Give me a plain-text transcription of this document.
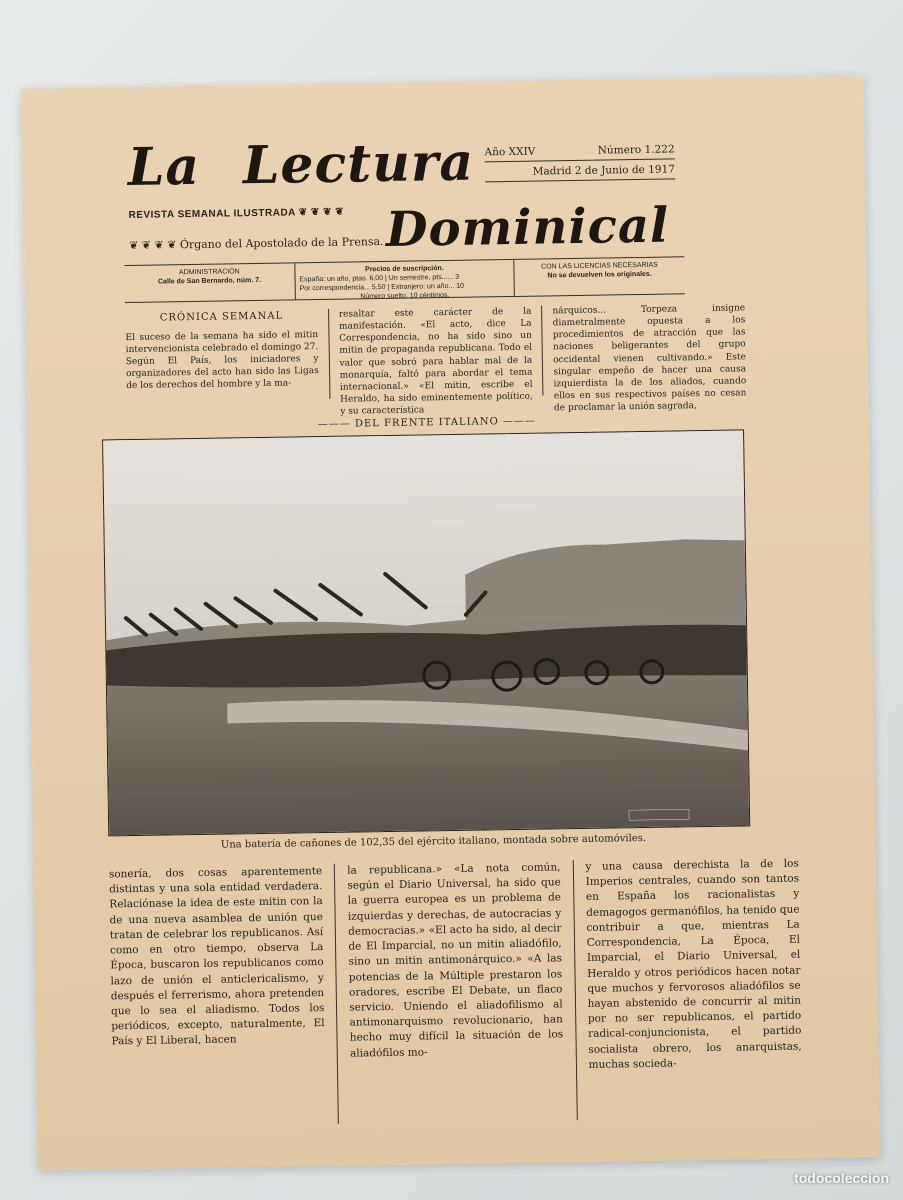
La Lectura
REVISTA SEMANAL ILUSTRADA ❦ ❦ ❦ ❦
❦ ❦ ❦ ❦ Órgano del Apostolado de la Prensa. Dominical
Año XXIV	Número 1.222
Madrid 2 de Junio de 1917
ADMINISTRACIÓN
Calle de San Bernardo, núm. 7.
Precios de suscripción.
España: un año, ptas. 6,00 | Un semestre, pts...... 3
Por correspondencia... 5,50 | Extranjero: un año... 10
Número suelto, 10 céntimos.
CON LAS LICENCIAS NECESARIAS
No se devuelven los originales.
CRÓNICA SEMANAL
El suceso de la semana ha sido el mitin intervencionista celebrado el domingo 27. Según El País, los iniciadores y organizadores del acto han sido las Ligas de los derechos del hombre y la ma-
resaltar este carácter de la manifestación. «El acto, dice La Correspondencia, no ha sido sino un mitin de propaganda republicana. Todo el valor que sobró para hablar mal de la monarquía, faltó para abordar el tema internacional.» «El mitin, escribe el Heraldo, ha sido eminentemente político, y su característica
nárquicos... Torpeza insigne diametralmente opuesta a los procedimientos de atracción que las naciones beligerantes del grupo occidental vienen cultivando.» Este singular empeño de hacer una causa izquierdista la de los aliados, cuando ellos en sus respectivos países no cesan de proclamar la unión sagrada,
——— DEL FRENTE ITALIANO ———
Una batería de cañones de 102,35 del ejército italiano, montada sobre automóviles.
sonería, dos cosas aparentemente distintas y una sola entidad verdadera. Relaciónase la idea de este mitin con la de una nueva asamblea de unión que tratan de celebrar los republicanos. Así como en otro tiempo, observa La Época, buscaron los republicanos como lazo de unión el anticlericalismo, y después el ferrerismo, ahora pretenden que lo sea el aliadismo. Todos los periódicos, excepto, naturalmente, El País y El Liberal, hacen
la republicana.» «La nota común, según el Diario Universal, ha sido que la guerra europea es un problema de izquierdas y derechas, de autocracias y democracias.» «El acto ha sido, al decir de El Imparcial, no un mitin aliadófilo, sino un mitin antimonárquico.» «A las potencias de la Múltiple prestaron los oradores, escribe El Debate, un flaco servicio. Uniendo el aliadofilismo al antimonarquismo revolucionario, han hecho muy difícil la situación de los aliadófilos mo-
y una causa derechista la de los Imperios centrales, cuando son tantos en España los racionalistas y demagogos germanófilos, ha tenido que contribuir a que, mientras La Correspondencia, La Época, El Imparcial, el Diario Universal, el Heraldo y otros periódicos hacen notar que muchos y fervorosos aliadófilos se hayan abstenido de concurrir al mitin por no ser republicanos, el partido radical-conjuncionista, el partido socialista obrero, los anarquistas, muchas socieda-
todocoleccion
